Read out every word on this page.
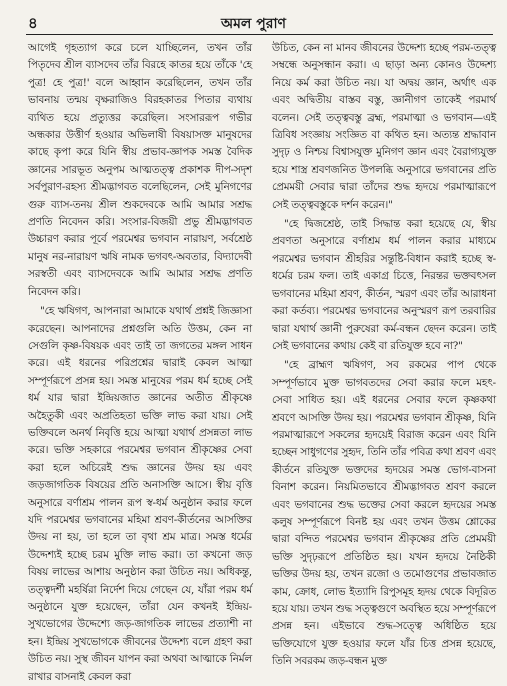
৪	অমল পুরাণ

আগেই গৃহত্যাগ করে চলে যাচ্ছিলেন, তখন তাঁর পিতৃদেব শ্রীল ব্যাসদেব তাঁর বিরহে কাতর হয়ে তাঁকে 'হে পুত্র! হে পুত্র!' বলে আহ্বান করেছিলেন, তখন তাঁর ভাবনায় তন্ময় বৃক্ষরাজিও বিরহকাতর পিতার ব্যথায় ব্যথিত হয়ে প্রত্যুত্তর করেছিল। সংসাররূপ গভীর অন্ধকার উত্তীর্ণ হওয়ার অভিলাষী বিষয়াসক্ত মানুষদের কাছে কৃপা করে যিনি স্বীয় প্রভাব-জ্ঞাপক সমস্ত বৈদিক জ্ঞানের সারভূত অনুপম আত্মতত্ত্ব প্রকাশক দীপ-সদৃশ সর্বপুরাণ-রহস্য শ্রীমদ্ভাগবত বলেছিলেন, সেই মুনিগণের গুরু ব্যাস-তনয় শ্রীল শুকদেবকে আমি আমার সশ্রদ্ধ প্রণতি নিবেদন করি। সংসার-বিজয়ী প্রভু শ্রীমদ্ভাগবত উচ্চারণ করার পূর্বে পরমেশ্বর ভগবান নারায়ণ, সর্বশ্রেষ্ঠ মানুষ নর-নারায়ণ ঋষি নামক ভগবৎ-অবতার, বিদ্যাদেবী সরস্বতী এবং ব্যাসদেবকে আমি আমার সশ্রদ্ধ প্রণতি নিবেদন করি।

"হে ঋষিগণ, আপনারা আমাকে যথার্থ প্রশ্নই জিজ্ঞাসা করেছেন। আপনাদের প্রশ্নগুলি অতি উত্তম, কেন না সেগুলি কৃষ্ণ-বিষয়ক এবং তাই তা জগতের মঙ্গল সাধন করে। এই ধরনের পরিপ্রশ্নের দ্বারাই কেবল আত্মা সম্পূর্ণরূপে প্রসন্ন হয়। সমস্ত মানুষের পরম ধর্ম হচ্ছে সেই ধর্ম যার দ্বারা ইন্দ্রিয়জাত জ্ঞানের অতীত শ্রীকৃষ্ণে অহৈতুকী এবং অপ্রতিহতা ভক্তি লাভ করা যায়। সেই ভক্তিবলে অনর্থ নিবৃত্তি হয়ে আত্মা যথার্থ প্রসন্নতা লাভ করে। ভক্তি সহকারে পরমেশ্বর ভগবান শ্রীকৃষ্ণের সেবা করা হলে অচিরেই শুদ্ধ জ্ঞানের উদয় হয় এবং জড়জাগতিক বিষয়ের প্রতি অনাসক্তি আসে। স্বীয় বৃত্তি অনুসারে বর্ণাশ্রম পালন রূপ স্ব-ধর্ম অনুষ্ঠান করার ফলে যদি পরমেশ্বর ভগবানের মহিমা শ্রবণ-কীর্তনের আসক্তির উদয় না হয়, তা হলে তা বৃথা শ্রম মাত্র। সমস্ত ধর্মের উদ্দেশ্যই হচ্ছে চরম মুক্তি লাভ করা। তা কখনো জড় বিষয় লাভের আশায় অনুষ্ঠান করা উচিত নয়। অধিকন্তু, তত্ত্বদর্শী মহর্ষিরা নির্দেশ দিয়ে গেছেন যে, যাঁরা পরম ধর্ম অনুষ্ঠানে যুক্ত হয়েছেন, তাঁরা যেন কখনই ইন্দ্রিয়-সুখভোগের উদ্দেশ্যে জড়-জাগতিক লাভের প্রত্যাশী না হন। ইন্দ্রিয় সুখভোগকে জীবনের উদ্দেশ্য বলে গ্রহণ করা উচিত নয়। সুস্থ জীবন যাপন করা অথবা আত্মাকে নির্মল রাখার বাসনাই কেবল করা

উচিত, কেন না মানব জীবনের উদ্দেশ্য হচ্ছে পরম-তত্ত্ব সম্বন্ধে অনুসন্ধান করা। এ ছাড়া অন্য কোনও উদ্দেশ্য নিয়ে কর্ম করা উচিত নয়। যা অদ্বয় জ্ঞান, অর্থাৎ এক এবং অদ্বিতীয় বাস্তব বস্তু, জ্ঞানীগণ তাকেই পরমার্থ বলেন। সেই তত্ত্ববস্তু ব্রহ্ম, পরমাত্মা ও ভগবান—এই ত্রিবিধ সংজ্ঞায় সংজ্ঞিত বা কথিত হন। অত্যন্ত শ্রদ্ধাবান সুদৃঢ় ও নিশ্চয় বিশ্বাসযুক্ত মুনিগণ জ্ঞান এবং বৈরাগ্যযুক্ত হয়ে শাস্ত্র শ্রবণজনিত উপলব্ধি অনুসারে ভগবানের প্রতি প্রেমময়ী সেবার দ্বারা তাঁদের শুদ্ধ হৃদয়ে পরমাত্মারূপে সেই তত্ত্ববস্তুকে দর্শন করেন।"

"হে দ্বিজশ্রেষ্ঠ, তাই সিদ্ধান্ত করা হয়েছে যে, স্বীয় প্রবণতা অনুসারে বর্ণাশ্রম ধর্ম পালন করার মাধ্যমে পরমেশ্বর ভগবান শ্রীহরির সন্তুষ্টি-বিধান করাই হচ্ছে স্ব-ধর্মের চরম ফল। তাই একাগ্র চিত্তে, নিরন্তর ভক্তবৎসল ভগবানের মহিমা শ্রবণ, কীর্তন, স্মরণ এবং তাঁর আরাধনা করা কর্তব্য। পরমেশ্বর ভগবানের অনুস্মরণ রূপ তরবারির দ্বারা যথার্থ জ্ঞানী পুরুষেরা কর্ম-বন্ধন ছেদন করেন। তাই সেই ভগবানের কথায় কেই বা রতিযুক্ত হবে না?"

"হে ব্রাহ্মণ ঋষিগণ, সব রকমের পাপ থেকে সম্পূর্ণভাবে মুক্ত ভাগবতদের সেবা করার ফলে মহৎ-সেবা সাধিত হয়। এই ধরনের সেবার ফলে কৃষ্ণকথা শ্রবণে আসক্তি উদয় হয়। পরমেশ্বর ভগবান শ্রীকৃষ্ণ, যিনি পরমাত্মারূপে সকলের হৃদয়েই বিরাজ করেন এবং যিনি হচ্ছেন সাধুগণের সুহৃদ, তিনি তাঁর পবিত্র কথা শ্রবণ এবং কীর্তনে রতিযুক্ত ভক্তদের হৃদয়ের সমস্ত ভোগ-বাসনা বিনাশ করেন। নিয়মিতভাবে শ্রীমদ্ভাগবত শ্রবণ করলে এবং ভগবানের শুদ্ধ ভক্তের সেবা করলে হৃদয়ের সমস্ত কলুষ সম্পূর্ণরূপে বিনষ্ট হয় এবং তখন উত্তম শ্লোকের দ্বারা বন্দিত পরমেশ্বর ভগবান শ্রীকৃষ্ণের প্রতি প্রেমময়ী ভক্তি সুদৃঢ়রূপে প্রতিষ্ঠিত হয়। যখন হৃদয়ে নৈষ্ঠিকী ভক্তির উদয় হয়, তখন রজো ও তমোগুণের প্রভাবজাত কাম, ক্রোধ, লোভ ইত্যাদি রিপুসমূহ হৃদয় থেকে বিদূরিত হয়ে যায়। তখন শুদ্ধ সত্ত্বগুণে অবস্থিত হয়ে সম্পূর্ণরূপে প্রসন্ন হন। এইভাবে শুদ্ধ-সত্ত্বে অধিষ্ঠিত হয়ে ভক্তিযোগে যুক্ত হওয়ার ফলে যাঁর চিত্ত প্রসন্ন হয়েছে, তিনি সবরকম জড়-বন্ধন মুক্ত
